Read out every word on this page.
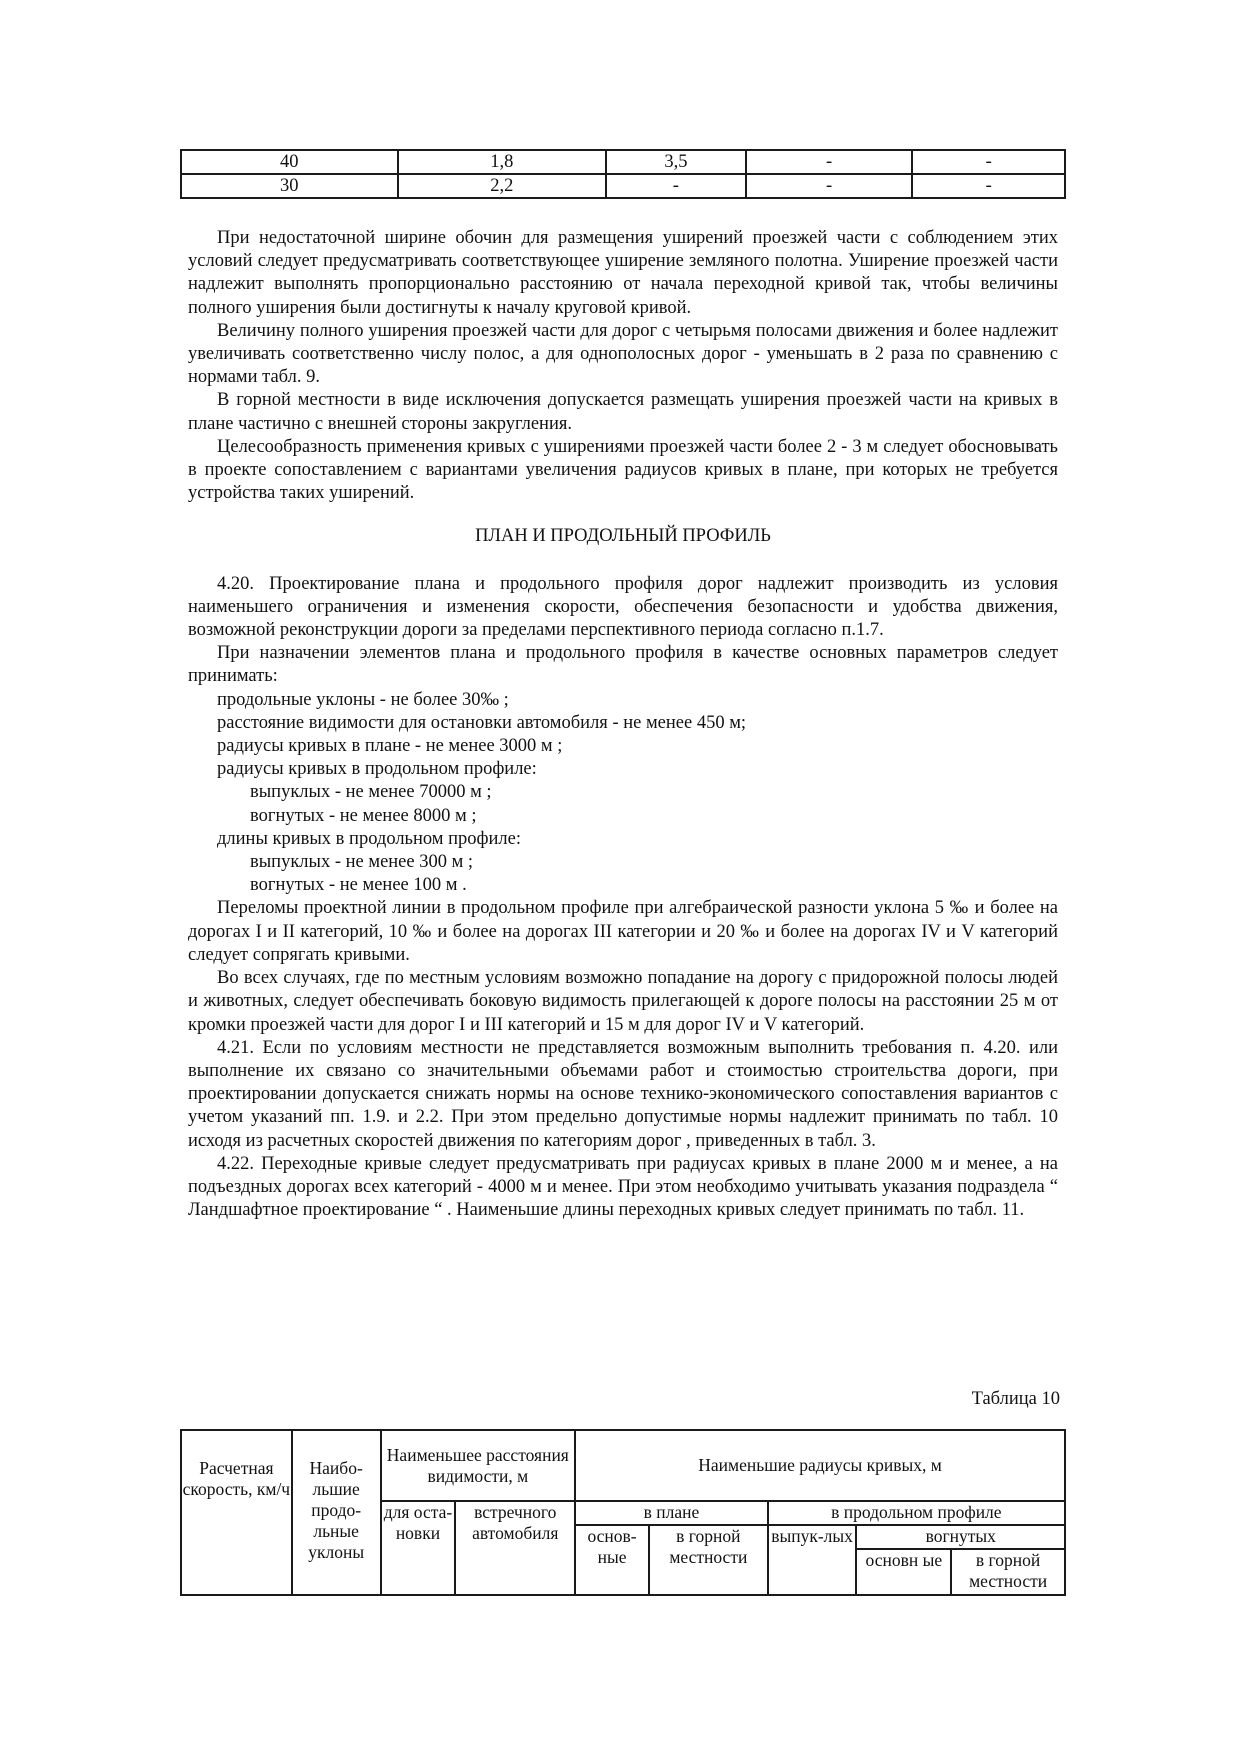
40	1,8	3,5	-	-
30	2,2	-	-	-

При недостаточной ширине обочин для размещения уширений проезжей части с соблюдением этих условий следует предусматривать соответствующее уширение земляного полотна. Уширение проезжей части надлежит выполнять пропорционально расстоянию от начала переходной кривой так, чтобы величины полного уширения были достигнуты к началу круговой кривой.

Величину полного уширения проезжей части для дорог с четырьмя полосами движения и более надлежит увеличивать соответственно числу полос, а для однополосных дорог - уменьшать в 2 раза по сравнению с нормами табл. 9.

В горной местности в виде исключения допускается размещать уширения проезжей части на кривых в плане частично с внешней стороны закругления.

Целесообразность применения кривых с уширениями проезжей части более 2 - 3 м следует обосновывать в проекте сопоставлением с вариантами увеличения радиусов кривых в плане, при которых не требуется устройства таких уширений.

ПЛАН И ПРОДОЛЬНЫЙ ПРОФИЛЬ

4.20. Проектирование плана и продольного профиля дорог надлежит производить из условия наименьшего ограничения и изменения скорости, обеспечения безопасности и удобства движения, возможной реконструкции дороги за пределами перспективного периода согласно п.1.7.

При назначении элементов плана и продольного профиля в качестве основных параметров следует принимать:

продольные уклоны - не более 30‰ ;

расстояние видимости для остановки автомобиля - не менее 450 м;

радиусы кривых в плане - не менее 3000 м ;

радиусы кривых в продольном профиле:

выпуклых - не менее 70000 м ;

вогнутых - не менее 8000 м ;

длины кривых в продольном профиле:

выпуклых - не менее 300 м ;

вогнутых - не менее 100 м .

Переломы проектной линии в продольном профиле при алгебраической разности уклона 5 ‰ и более на дорогах I и II категорий, 10 ‰ и более на дорогах III категории и 20 ‰ и более на дорогах IV и V категорий следует сопрягать кривыми.

Во всех случаях, где по местным условиям возможно попадание на дорогу с придорожной полосы людей и животных, следует обеспечивать боковую видимость прилегающей к дороге полосы на расстоянии 25 м от кромки проезжей части для дорог I и III категорий и 15 м для дорог IV и V категорий.

4.21. Если по условиям местности не представляется возможным выполнить требования п. 4.20. или выполнение их связано со значительными объемами работ и стоимостью строительства дороги, при проектировании допускается снижать нормы на основе технико-экономического сопоставления вариантов с учетом указаний пп. 1.9. и 2.2. При этом предельно допустимые нормы надлежит принимать по табл. 10 исходя из расчетных скоростей движения по категориям дорог , приведенных в табл. 3.

4.22. Переходные кривые следует предусматривать при радиусах кривых в плане 2000 м и менее, а на подъездных дорогах всех категорий - 4000 м и менее. При этом необходимо учитывать указания подраздела “ Ландшафтное проектирование “ . Наименьшие длины переходных кривых следует принимать по табл. 11.

Таблица 10
Расчетная скорость, км/ч	Наибо-льшие продо-льные уклоны	Наименьшее расстояния видимости, м		Наименьшие радиусы кривых, м				
		для оста-новки	встречного автомобиля	в плане		в продольном профиле		
				основ-ные	в горной местности	выпук-лых	вогнутых	
							основн ые	в горной местности
